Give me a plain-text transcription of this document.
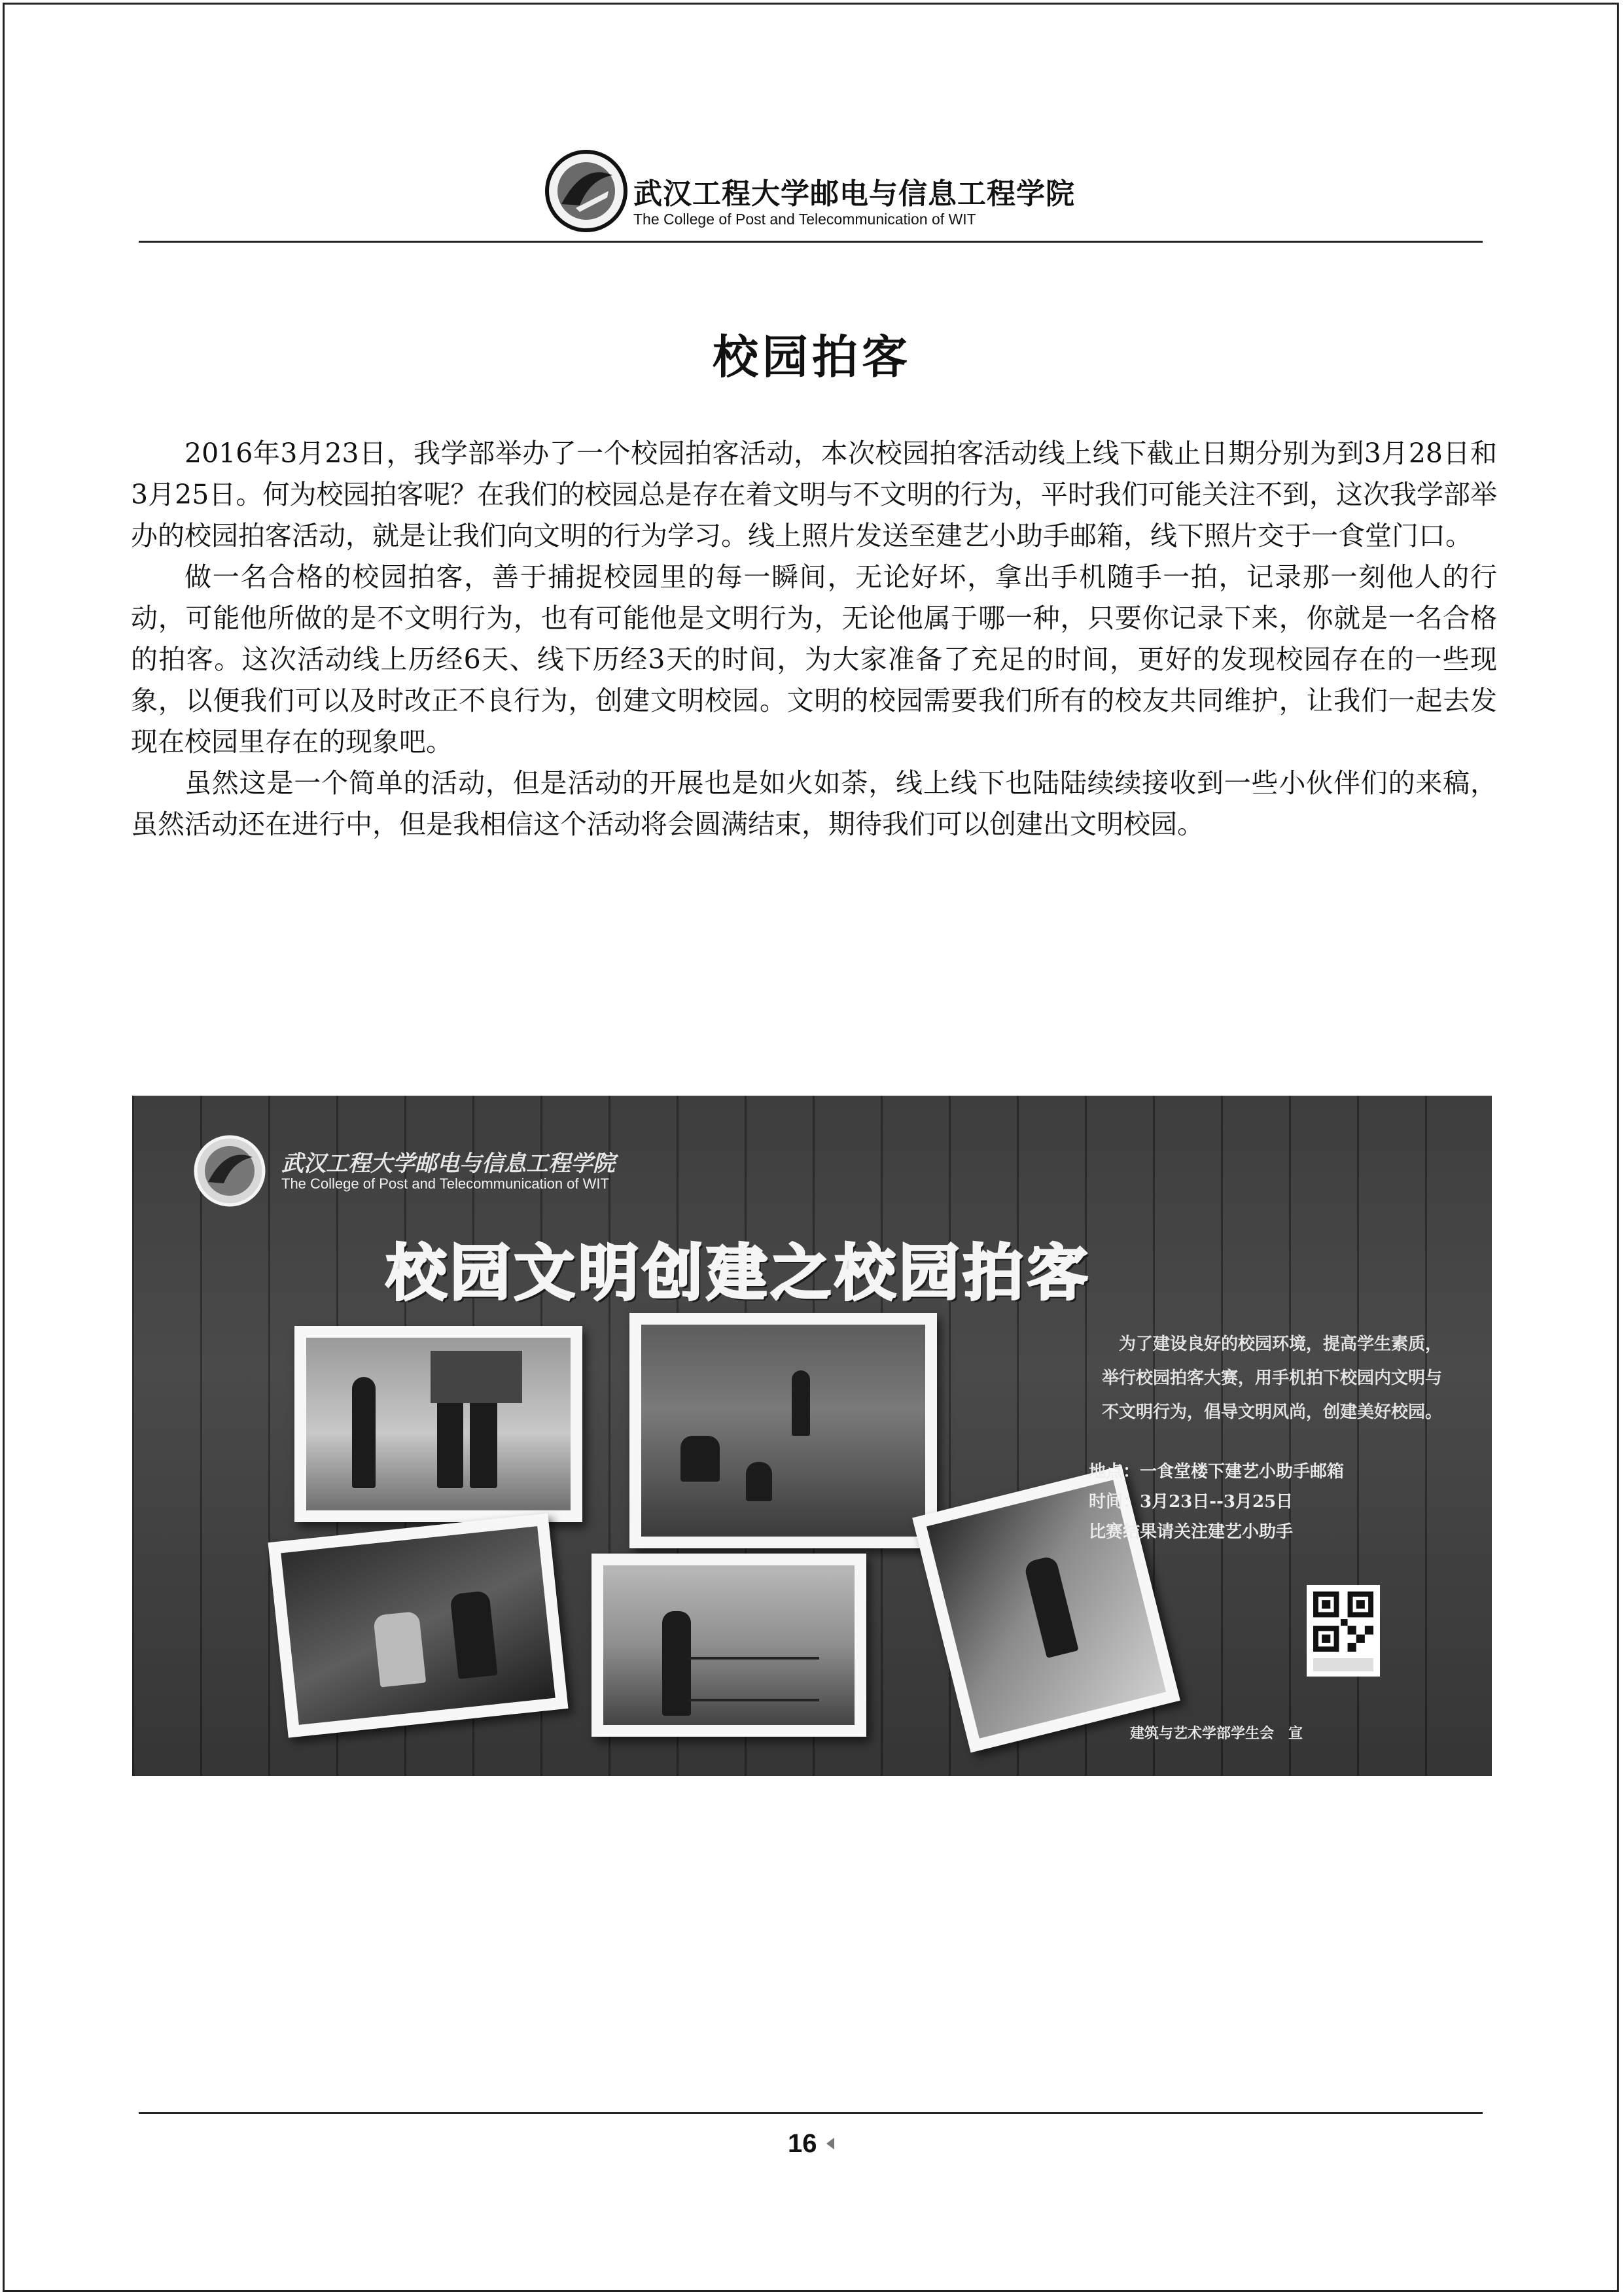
武汉工程大学邮电与信息工程学院
The College of Post and Telecommunication of WIT
校园拍客

2016年3月23日，我学部举办了一个校园拍客活动，本次校园拍客活动线上线下截止日期分别为到3月28日和3月25日。何为校园拍客呢？在我们的校园总是存在着文明与不文明的行为，平时我们可能关注不到，这次我学部举办的校园拍客活动，就是让我们向文明的行为学习。线上照片发送至建艺小助手邮箱，线下照片交于一食堂门口。

做一名合格的校园拍客，善于捕捉校园里的每一瞬间，无论好坏，拿出手机随手一拍，记录那一刻他人的行动，可能他所做的是不文明行为，也有可能他是文明行为，无论他属于哪一种，只要你记录下来，你就是一名合格的拍客。这次活动线上历经6天、线下历经3天的时间，为大家准备了充足的时间，更好的发现校园存在的一些现象，以便我们可以及时改正不良行为，创建文明校园。文明的校园需要我们所有的校友共同维护，让我们一起去发现在校园里存在的现象吧。

虽然这是一个简单的活动，但是活动的开展也是如火如荼，线上线下也陆陆续续接收到一些小伙伴们的来稿，虽然活动还在进行中，但是我相信这个活动将会圆满结束，期待我们可以创建出文明校园。

武汉工程大学邮电与信息工程学院
The College of Post and Telecommunication of WIT
校园文明创建之校园拍客
为了建设良好的校园环境，提高学生素质，
举行校园拍客大赛，用手机拍下校园内文明与
不文明行为，倡导文明风尚，创建美好校园。
地点：一食堂楼下建艺小助手邮箱
时间：3月23日--3月25日
比赛结果请关注建艺小助手
建筑与艺术学部学生会　宣
16
